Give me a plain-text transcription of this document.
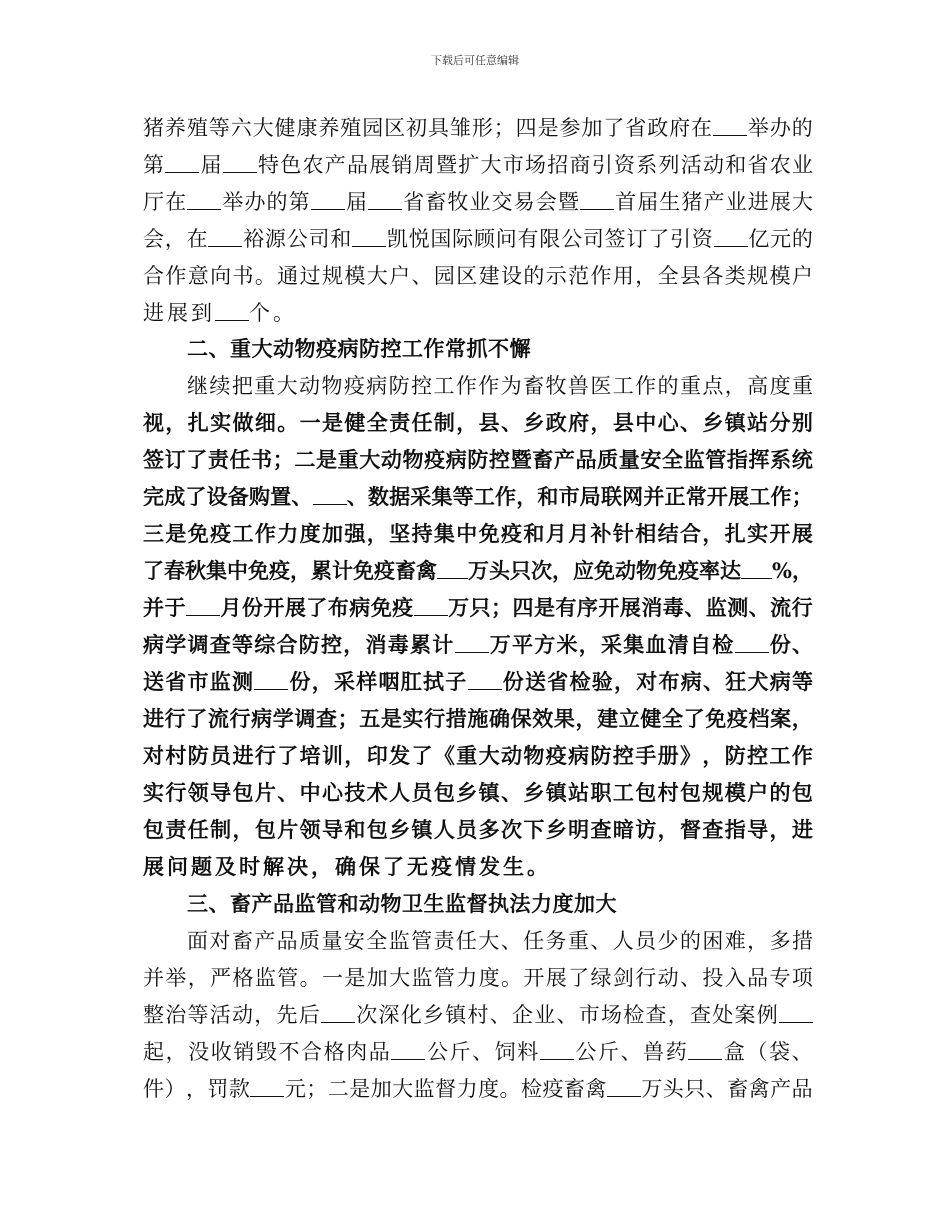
下载后可任意编辑
猪 养 殖 等 六 大 健 康 养 殖 园 区 初 具 雏 形 ； 四 是 参 加 了 省 政 府 在 举 办 的
第 届 特 色 农 产 品 展 销 周 暨 扩 大 市 场 招 商 引 资 系 列 活 动 和 省 农 业
厅 在 举 办 的 第 届 省 畜 牧 业 交 易 会 暨 首 届 生 猪 产 业 进 展 大
会 ， 在 裕 源 公 司 和 凯 悦 国 际 顾 问 有 限 公 司 签 订 了 引 资 亿 元 的
合 作 意 向 书 。 通 过 规 模 大 户 、 园 区 建 设 的 示 范 作 用 ， 全 县 各 类 规 模 户
进 展 到 个 。
二 、 重 大 动 物 疫 病 防 控 工 作 常 抓 不 懈
继 续 把 重 大 动 物 疫 病 防 控 工 作 作 为 畜 牧 兽 医 工 作 的 重 点 ， 高 度 重
视 ， 扎 实 做 细 。 一 是 健 全 责 任 制 ， 县 、 乡 政 府 ， 县 中 心 、 乡 镇 站 分 别
签 订 了 责 任 书 ； 二 是 重 大 动 物 疫 病 防 控 暨 畜 产 品 质 量 安 全 监 管 指 挥 系 统
完 成 了 设 备 购 置 、 、 数 据 采 集 等 工 作 ， 和 市 局 联 网 并 正 常 开 展 工 作 ；
三 是 免 疫 工 作 力 度 加 强 ， 坚 持 集 中 免 疫 和 月 月 补 针 相 结 合 ， 扎 实 开 展
了 春 秋 集 中 免 疫 ， 累 计 免 疫 畜 禽 万 头 只 次 ， 应 免 动 物 免 疫 率 达 % ，
并 于 月 份 开 展 了 布 病 免 疫 万 只 ； 四 是 有 序 开 展 消 毒 、 监 测 、 流 行
病 学 调 查 等 综 合 防 控 ， 消 毒 累 计 万 平 方 米 ， 采 集 血 清 自 检 份 、
送 省 市 监 测 份 ， 采 样 咽 肛 拭 子 份 送 省 检 验 ， 对 布 病 、 狂 犬 病 等
进 行 了 流 行 病 学 调 查 ； 五 是 实 行 措 施 确 保 效 果 ， 建 立 健 全 了 免 疫 档 案 ，
对 村 防 员 进 行 了 培 训 ， 印 发 了 《 重 大 动 物 疫 病 防 控 手 册 》 ， 防 控 工 作
实 行 领 导 包 片 、 中 心 技 术 人 员 包 乡 镇 、 乡 镇 站 职 工 包 村 包 规 模 户 的 包
包 责 任 制 ， 包 片 领 导 和 包 乡 镇 人 员 多 次 下 乡 明 查 暗 访 ， 督 查 指 导 ， 进
展 问 题 及 时 解 决 ， 确 保 了 无 疫 情 发 生 。
三 、 畜 产 品 监 管 和 动 物 卫 生 监 督 执 法 力 度 加 大
面 对 畜 产 品 质 量 安 全 监 管 责 任 大 、 任 务 重 、 人 员 少 的 困 难 ， 多 措
并 举 ， 严 格 监 管 。 一 是 加 大 监 管 力 度 。 开 展 了 绿 剑 行 动 、 投 入 品 专 项
整 治 等 活 动 ， 先 后 次 深 化 乡 镇 村 、 企 业 、 市 场 检 查 ， 查 处 案 例
起 ， 没 收 销 毁 不 合 格 肉 品 公 斤 、 饲 料 公 斤 、 兽 药 盒 （ 袋 、
件 ） ， 罚 款 元 ； 二 是 加 大 监 督 力 度 。 检 疫 畜 禽 万 头 只 、 畜 禽 产 品
